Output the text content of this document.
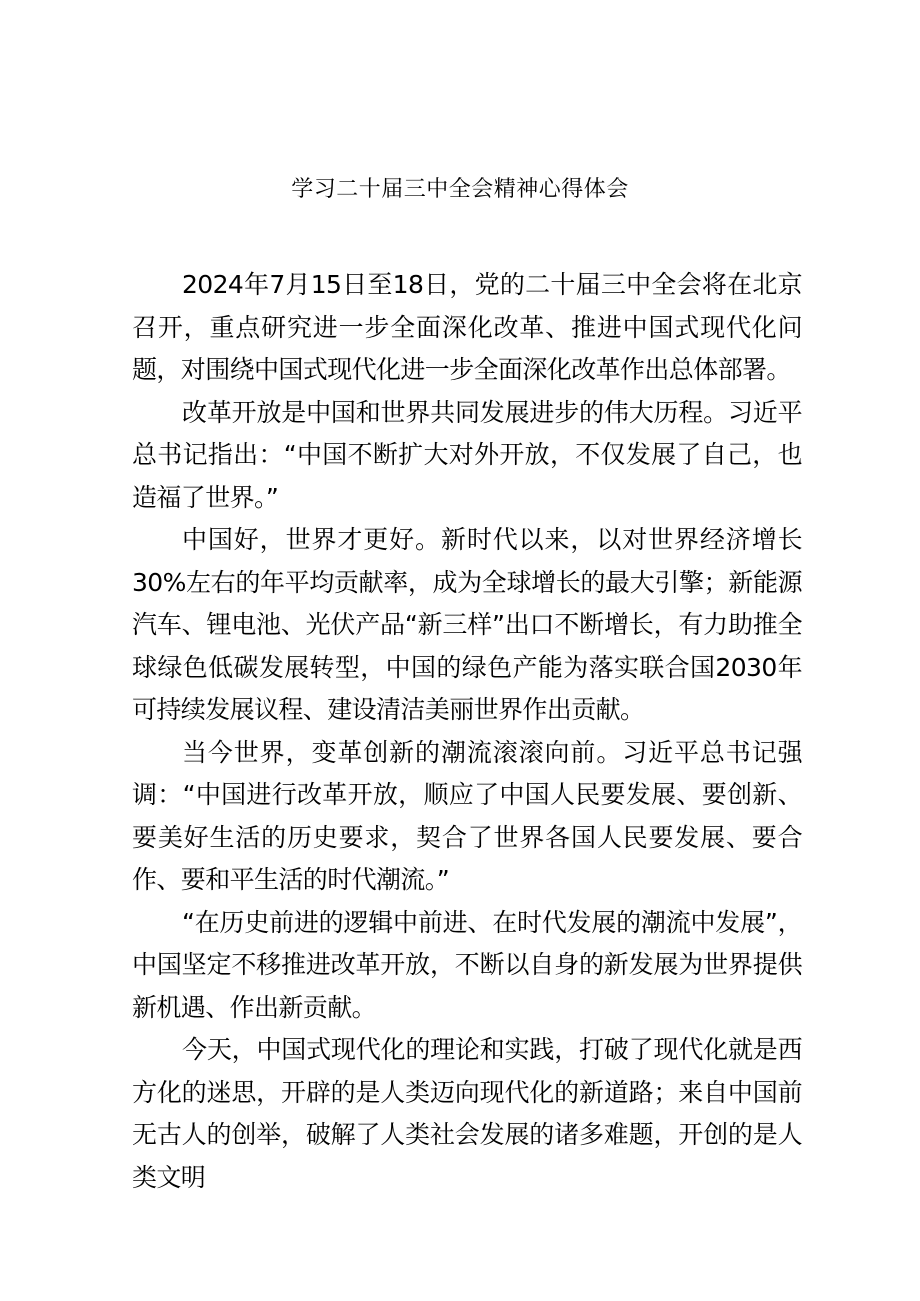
学习二十届三中全会精神心得体会

2024年7月15日至18日，党的二十届三中全会将在北京召开，重点研究进一步全面深化改革、推进中国式现代化问题，对围绕中国式现代化进一步全面深化改革作出总体部署。

改革开放是中国和世界共同发展进步的伟大历程。习近平总书记指出：“中国不断扩大对外开放，不仅发展了自己，也造福了世界。”

中国好，世界才更好。新时代以来，以对世界经济增长30%左右的年平均贡献率，成为全球增长的最大引擎；新能源汽车、锂电池、光伏产品“新三样”出口不断增长，有力助推全球绿色低碳发展转型，中国的绿色产能为落实联合国2030年可持续发展议程、建设清洁美丽世界作出贡献。

当今世界，变革创新的潮流滚滚向前。习近平总书记强调：“中国进行改革开放，顺应了中国人民要发展、要创新、要美好生活的历史要求，契合了世界各国人民要发展、要合作、要和平生活的时代潮流。”

“在历史前进的逻辑中前进、在时代发展的潮流中发展”，中国坚定不移推进改革开放，不断以自身的新发展为世界提供新机遇、作出新贡献。

今天，中国式现代化的理论和实践，打破了现代化就是西方化的迷思，开辟的是人类迈向现代化的新道路；来自中国前无古人的创举，破解了人类社会发展的诸多难题，开创的是人类文明
